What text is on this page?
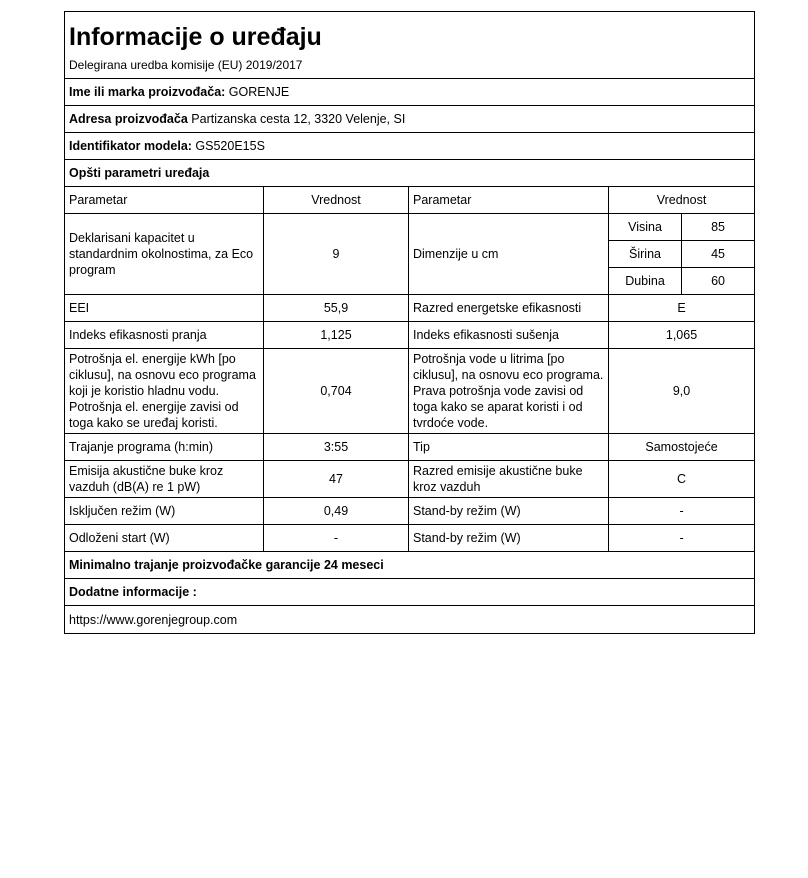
Informacije o uređaju				
Delegirana uredba komisije (EU) 2019/2017				
Ime ili marka proizvođača: GORENJE				
Adresa proizvođača Partizanska cesta 12, 3320 Velenje, SI				
Identifikator modela: GS520E15S				
Opšti parametri uređaja				
Parametar	Vrednost	Parametar	Vrednost	
Deklarisani kapacitet u standardnim okolnostima, za Eco program	9	Dimenzije u cm	Visina	85
			Širina	45
			Dubina	60
EEI	55,9	Razred energetske efikasnosti	E	
Indeks efikasnosti pranja	1,125	Indeks efikasnosti sušenja	1,065	
Potrošnja el. energije kWh [po ciklusu], na osnovu eco programa koji je koristio hladnu vodu. Potrošnja el. energije zavisi od toga kako se uređaj koristi.	0,704	Potrošnja vode u litrima [po ciklusu], na osnovu eco programa. Prava potrošnja vode zavisi od toga kako se aparat koristi i od tvrdoće vode.	9,0	
Trajanje programa (h:min)	3:55	Tip	Samostojeće	
Emisija akustične buke kroz vazduh (dB(A) re 1 pW)	47	Razred emisije akustične buke kroz vazduh	C	
Isključen režim (W)	0,49	Stand-by režim (W)	-	
Odloženi start (W)	-	Stand-by režim (W)	-	
Minimalno trajanje proizvođačke garancije 24 meseci				
Dodatne informacije :				
https://www.gorenjegroup.com				
